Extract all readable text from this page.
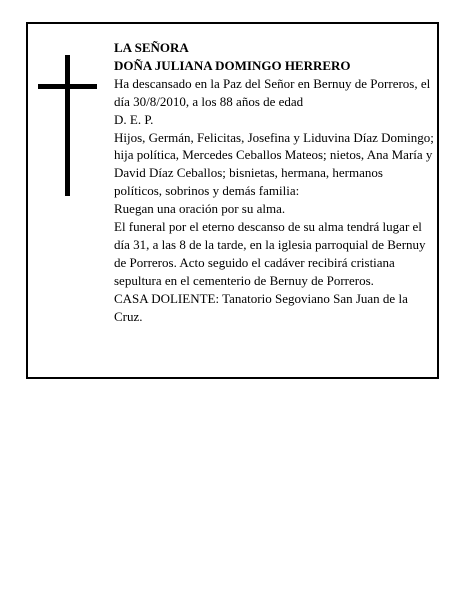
LA SEÑORA

DOÑA JULIANA DOMINGO HERRERO

Ha descansado en la Paz del Señor en Bernuy de Porreros, el día 30/8/2010, a los 88 años de edad

D. E. P.

Hijos, Germán, Felicitas, Josefina y Liduvina Díaz Domingo; hija política, Mercedes Ceballos Mateos; nietos, Ana María y David Díaz Ceballos; bisnietas, hermana, hermanos políticos, sobrinos y demás familia:

Ruegan una oración por su alma.

El funeral por el eterno descanso de su alma tendrá lugar el día 31, a las 8 de la tarde, en la iglesia parroquial de Bernuy de Porreros. Acto seguido el cadáver recibirá cristiana sepultura en el cementerio de Bernuy de Porreros.

CASA DOLIENTE: Tanatorio Segoviano San Juan de la Cruz.
